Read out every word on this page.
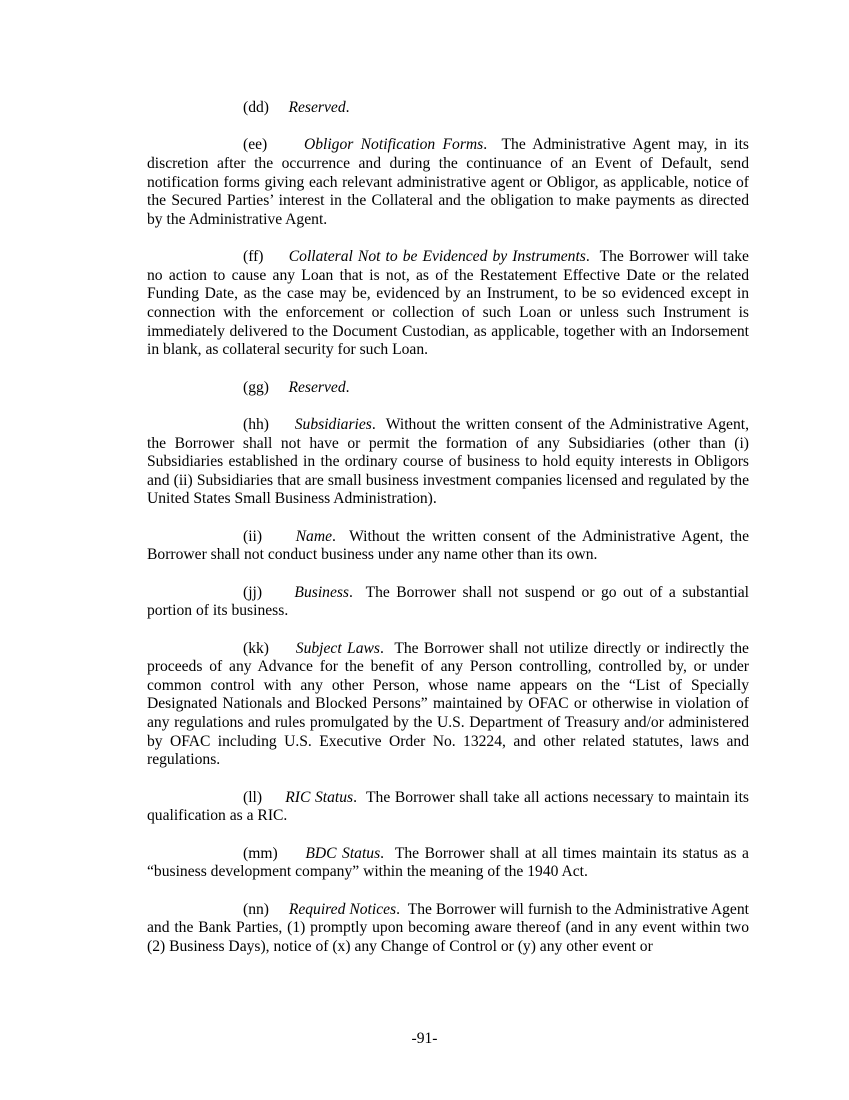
(dd) Reserved.

(ee) Obligor Notification Forms.  The Administrative Agent may, in its discretion after the occurrence and during the continuance of an Event of Default, send notification forms giving each relevant administrative agent or Obligor, as applicable, notice of the Secured Parties’ interest in the Collateral and the obligation to make payments as directed by the Administrative Agent.

(ff) Collateral Not to be Evidenced by Instruments.  The Borrower will take no action to cause any Loan that is not, as of the Restatement Effective Date or the related Funding Date, as the case may be, evidenced by an Instrument, to be so evidenced except in connection with the enforcement or collection of such Loan or unless such Instrument is immediately delivered to the Document Custodian, as applicable, together with an Indorsement in blank, as collateral security for such Loan.

(gg) Reserved.

(hh) Subsidiaries.  Without the written consent of the Administrative Agent, the Borrower shall not have or permit the formation of any Subsidiaries (other than (i) Subsidiaries established in the ordinary course of business to hold equity interests in Obligors and (ii) Subsidiaries that are small business investment companies licensed and regulated by the United States Small Business Administration).

(ii) Name.  Without the written consent of the Administrative Agent, the Borrower shall not conduct business under any name other than its own.

(jj) Business.  The Borrower shall not suspend or go out of a substantial portion of its business.

(kk) Subject Laws.  The Borrower shall not utilize directly or indirectly the proceeds of any Advance for the benefit of any Person controlling, controlled by, or under common control with any other Person, whose name appears on the “List of Specially Designated Nationals and Blocked Persons” maintained by OFAC or otherwise in violation of any regulations and rules promulgated by the U.S. Department of Treasury and/or administered by OFAC including U.S. Executive Order No. 13224, and other related statutes, laws and regulations.

(ll) RIC Status.  The Borrower shall take all actions necessary to maintain its qualification as a RIC.

(mm) BDC Status.  The Borrower shall at all times maintain its status as a “business development company” within the meaning of the 1940 Act.

(nn) Required Notices.  The Borrower will furnish to the Administrative Agent and the Bank Parties, (1) promptly upon becoming aware thereof (and in any event within two (2) Business Days), notice of (x) any Change of Control or (y) any other event or

-91-
